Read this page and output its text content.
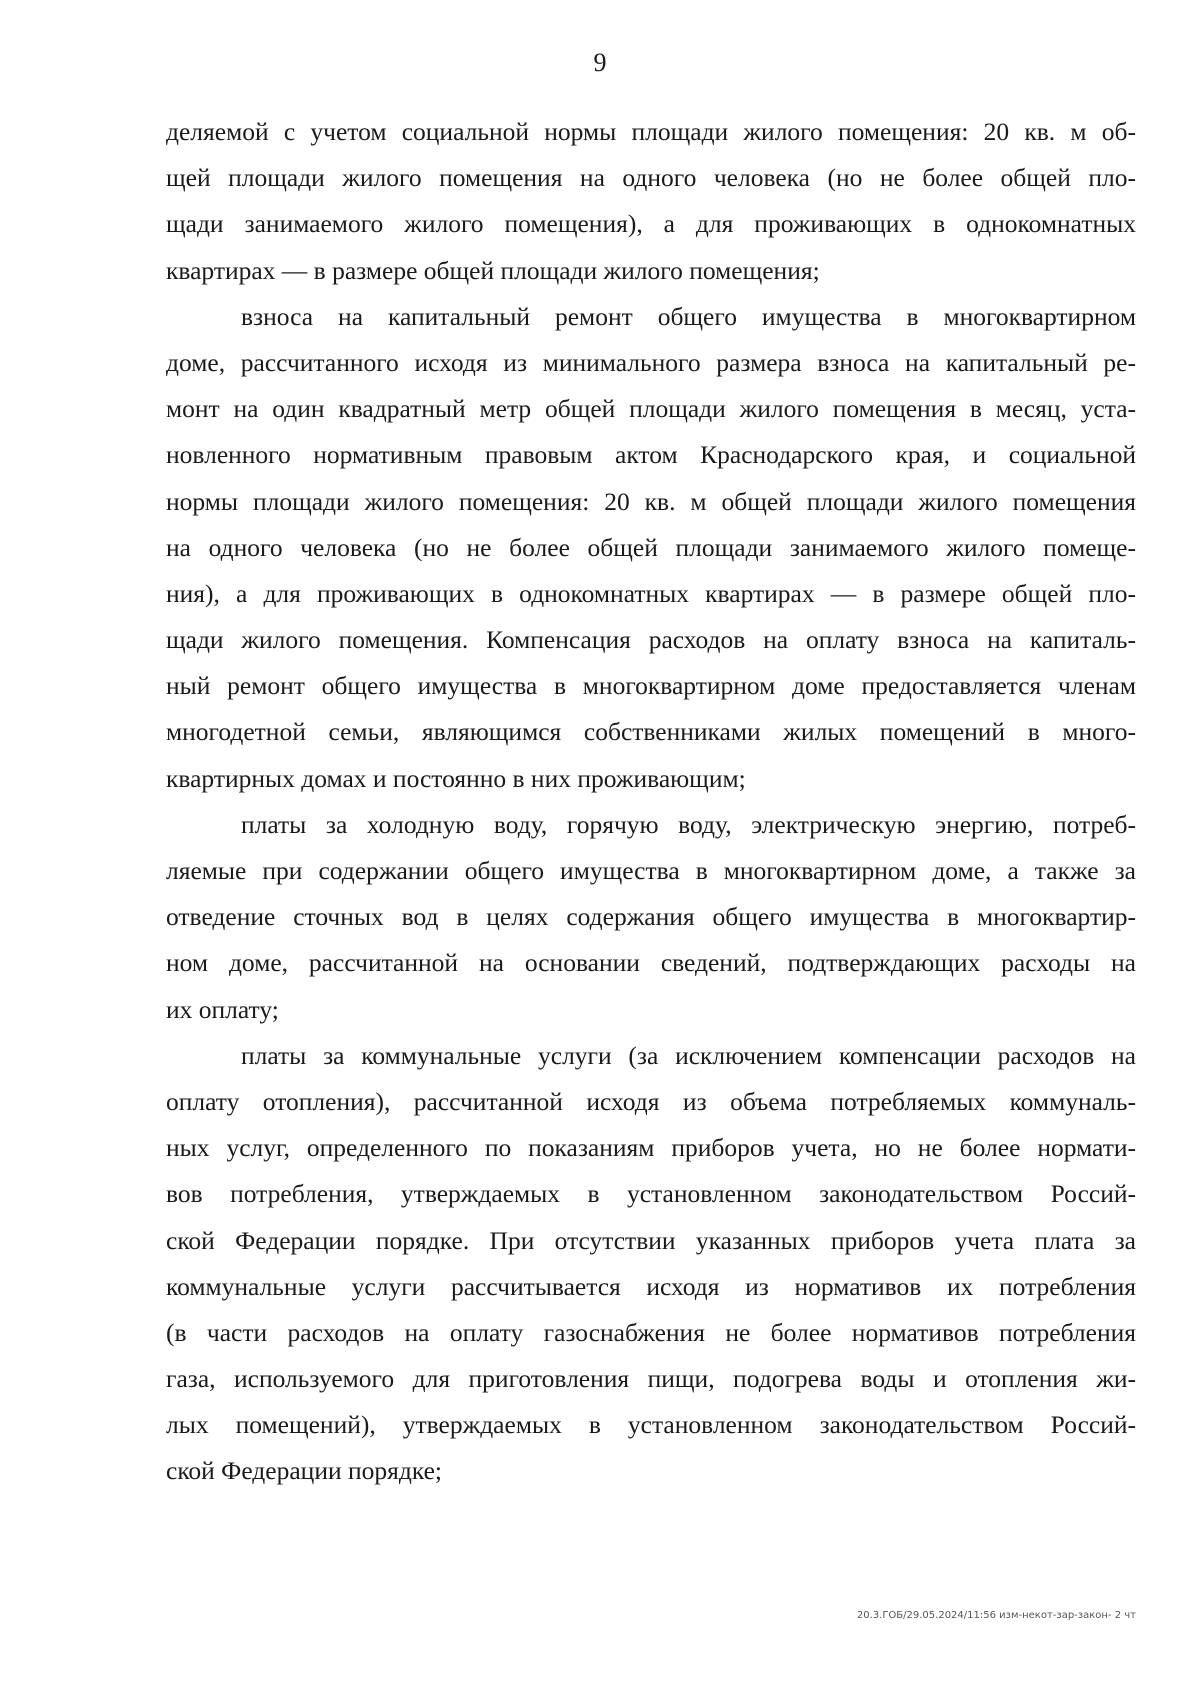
9
деляемой с учетом социальной нормы площади жилого помещения: 20 кв. м об-
щей площади жилого помещения на одного человека (но не более общей пло-
щади занимаемого жилого помещения), а для проживающих в однокомнатных
квартирах — в размере общей площади жилого помещения;
взноса на капитальный ремонт общего имущества в многоквартирном
доме, рассчитанного исходя из минимального размера взноса на капитальный ре-
монт на один квадратный метр общей площади жилого помещения в месяц, уста-
новленного нормативным правовым актом Краснодарского края, и социальной
нормы площади жилого помещения: 20 кв. м общей площади жилого помещения
на одного человека (но не более общей площади занимаемого жилого помеще-
ния), а для проживающих в однокомнатных квартирах — в размере общей пло-
щади жилого помещения. Компенсация расходов на оплату взноса на капиталь-
ный ремонт общего имущества в многоквартирном доме предоставляется членам
многодетной семьи, являющимся собственниками жилых помещений в много-
квартирных домах и постоянно в них проживающим;
платы за холодную воду, горячую воду, электрическую энергию, потреб-
ляемые при содержании общего имущества в многоквартирном доме, а также за
отведение сточных вод в целях содержания общего имущества в многоквартир-
ном доме, рассчитанной на основании сведений, подтверждающих расходы на
их оплату;
платы за коммунальные услуги (за исключением компенсации расходов на
оплату отопления), рассчитанной исходя из объема потребляемых коммуналь-
ных услуг, определенного по показаниям приборов учета, но не более нормати-
вов потребления, утверждаемых в установленном законодательством Россий-
ской Федерации порядке. При отсутствии указанных приборов учета плата за
коммунальные услуги рассчитывается исходя из нормативов их потребления
(в части расходов на оплату газоснабжения не более нормативов потребления
газа, используемого для приготовления пищи, подогрева воды и отопления жи-
лых помещений), утверждаемых в установленном законодательством Россий-
ской Федерации порядке;
20.3.ГОБ/29.05.2024/11:56 изм-некот-зар-закон- 2 чт
